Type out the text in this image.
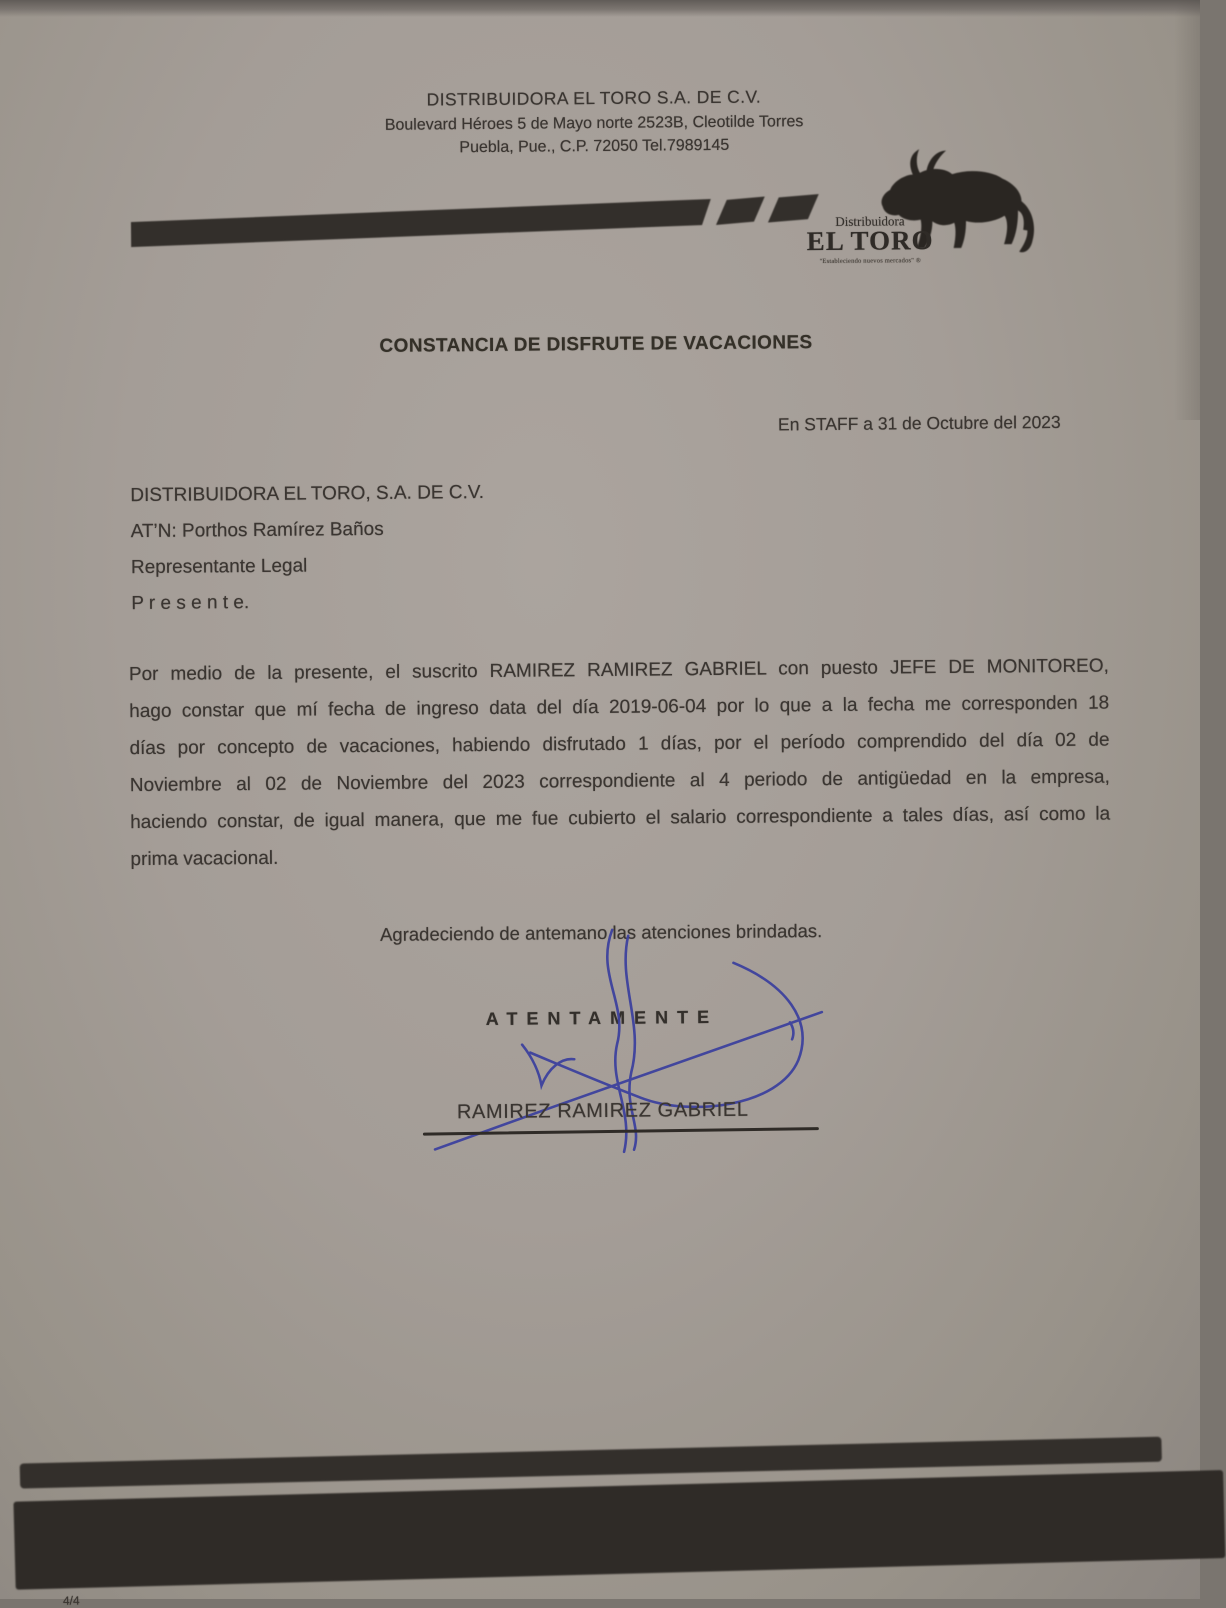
DISTRIBUIDORA EL TORO S.A. DE C.V.
Boulevard Héroes 5 de Mayo norte 2523B, Cleotilde Torres
Puebla, Pue., C.P. 72050 Tel.7989145
Distribuidora
EL TORO
"Estableciendo nuevos mercados" ®
CONSTANCIA DE DISFRUTE DE VACACIONES
En STAFF a 31 de Octubre del 2023
DISTRIBUIDORA EL TORO, S.A. DE C.V.
AT’N: Porthos Ramírez Baños
Representante Legal
P r e s e n t e.
Por medio de la presente, el suscrito RAMIREZ RAMIREZ GABRIEL con puesto JEFE DE MONITOREO,
hago constar que mí fecha de ingreso data del día 2019-06-04 por lo que a la fecha me corresponden 18
días por concepto de vacaciones, habiendo disfrutado 1 días, por el período comprendido del día 02 de
Noviembre al 02 de Noviembre del 2023 correspondiente al 4 periodo de antigüedad en la empresa,
haciendo constar, de igual manera, que me fue cubierto el salario correspondiente a tales días, así como la
prima vacacional.
Agradeciendo de antemano las atenciones brindadas.
ATENTAMENTE
RAMIREZ RAMIREZ GABRIEL
4/4
